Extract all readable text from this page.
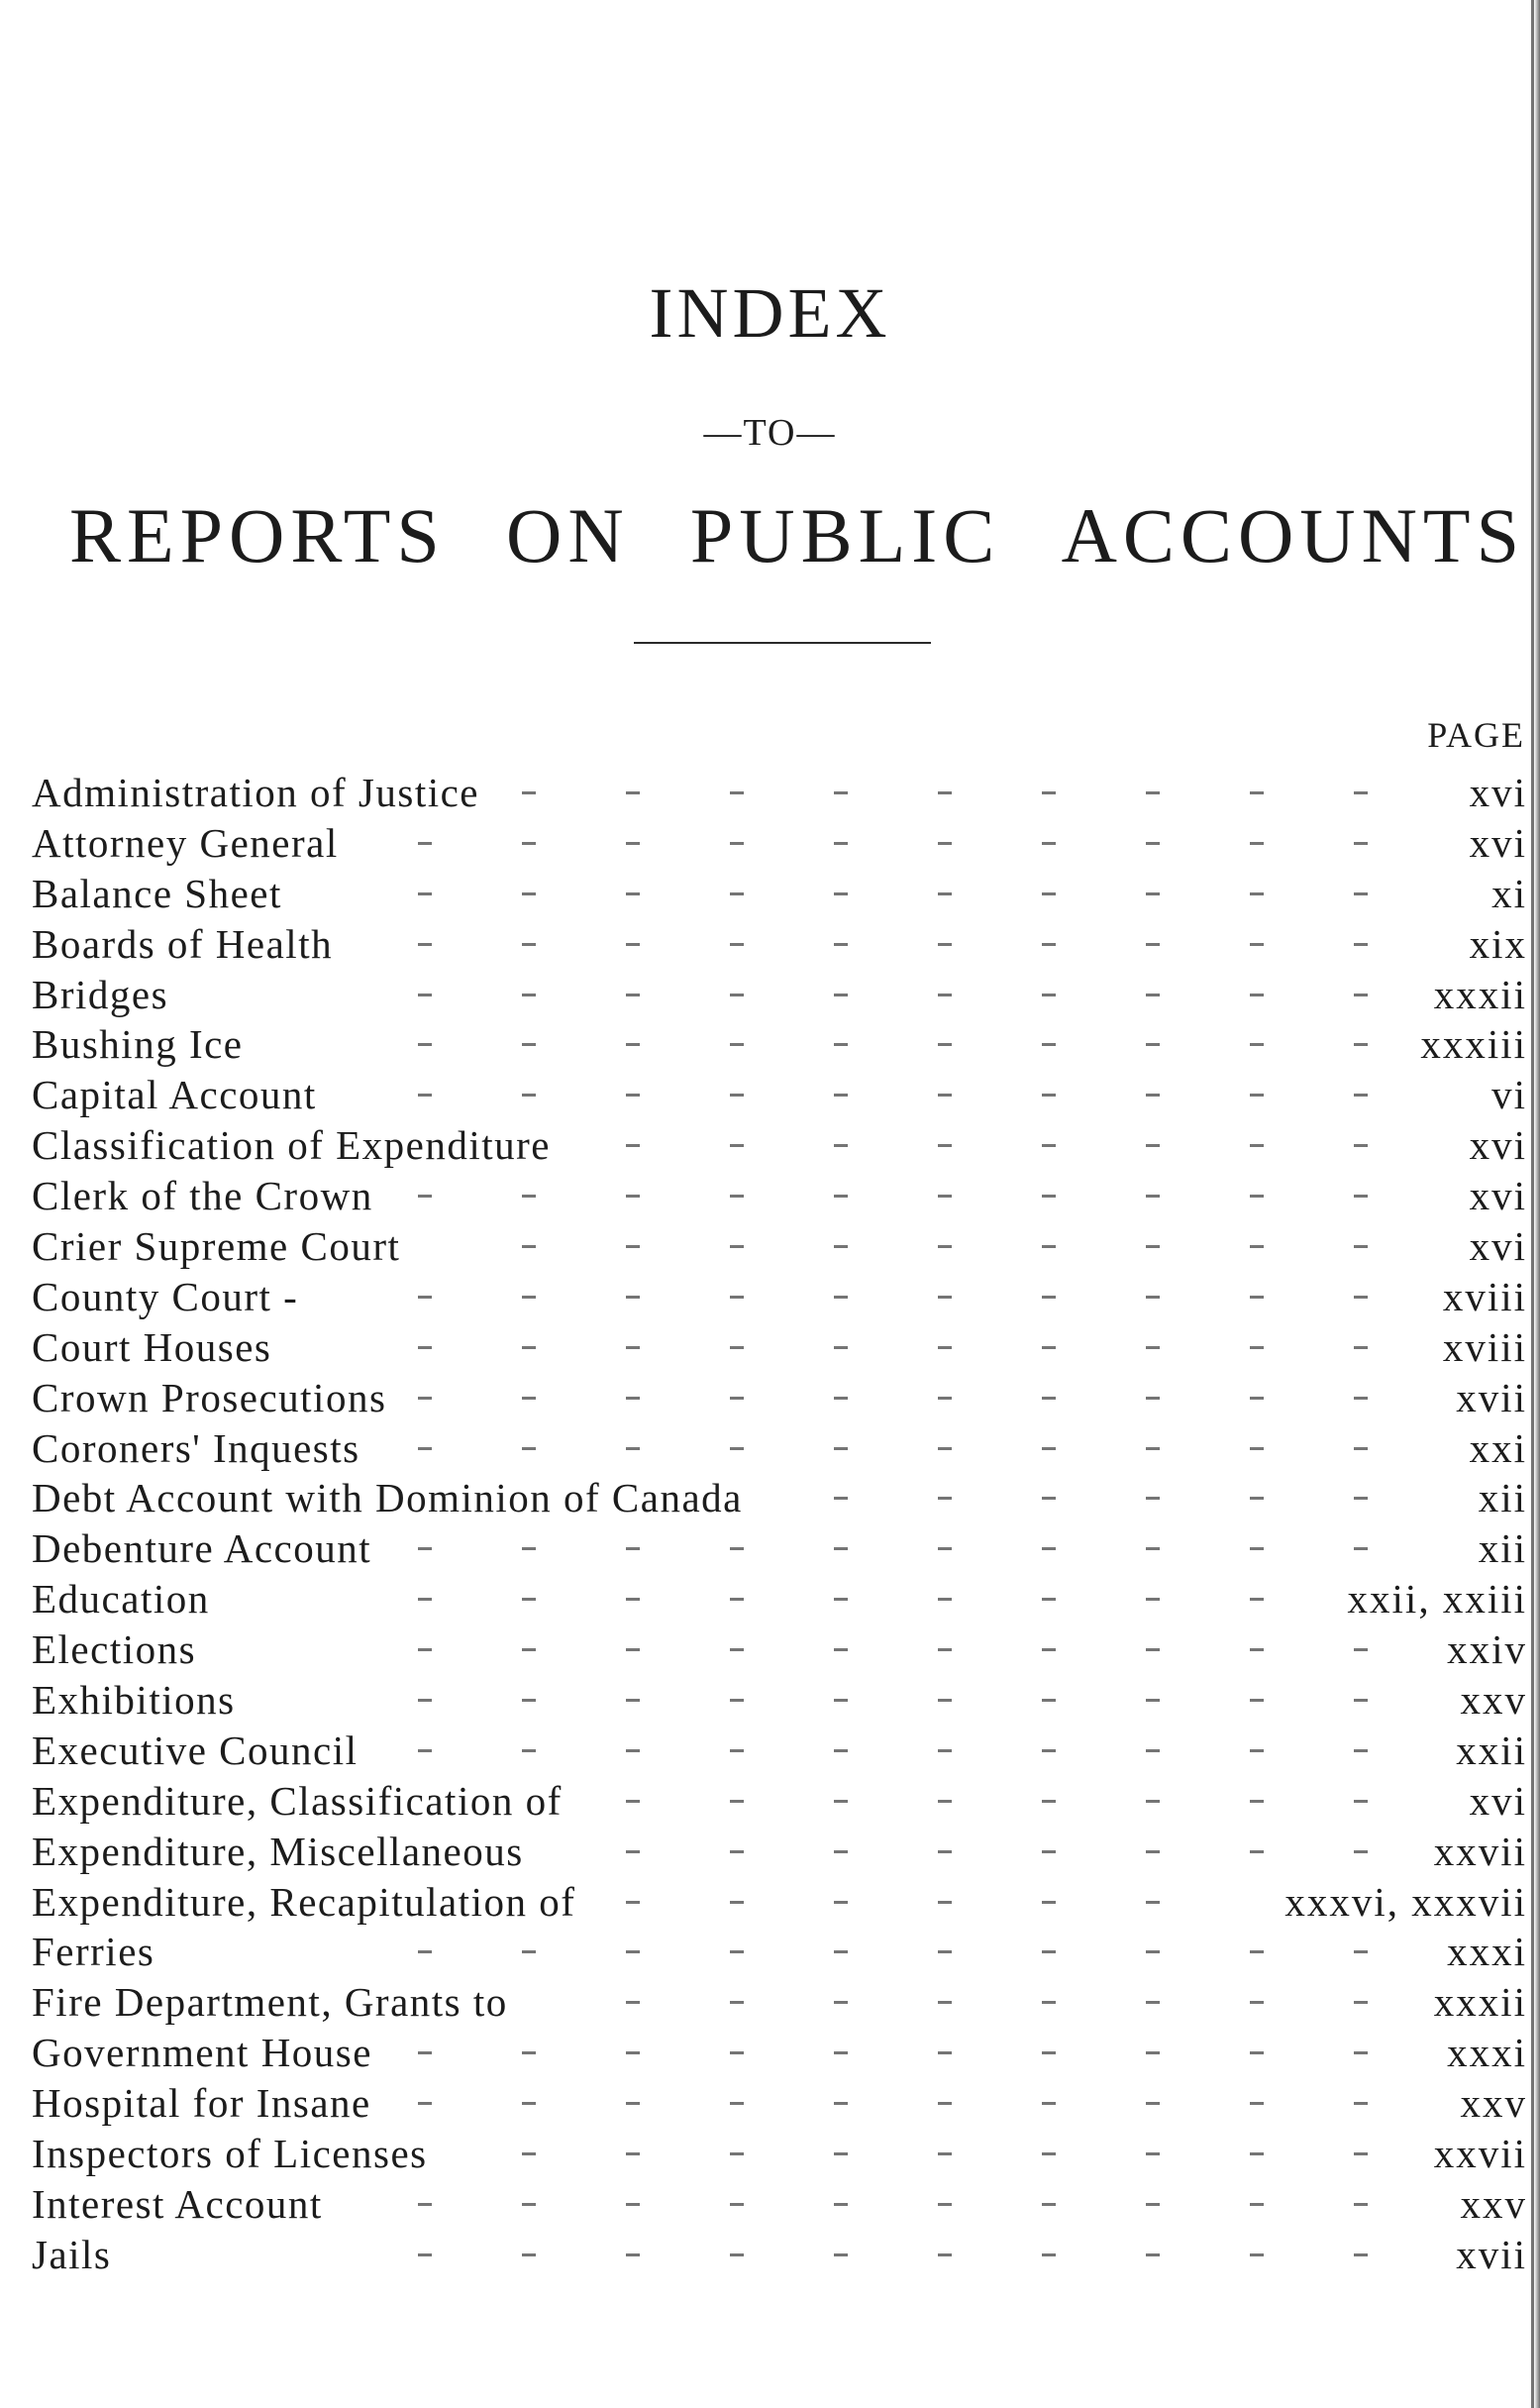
INDEX
—TO—
REPORTS ON PUBLIC ACCOUNTS
PAGE
Administration of Justice	xvi
Attorney General	xvi
Balance Sheet	xi
Boards of Health	xix
Bridges	xxxii
Bushing Ice	xxxiii
Capital Account	vi
Classification of Expenditure	xvi
Clerk of the Crown	xvi
Crier Supreme Court	xvi
County Court -	xviii
Court Houses	xviii
Crown Prosecutions	xvii
Coroners' Inquests	xxi
Debt Account with Dominion of Canada	xii
Debenture Account	xii
Education	xxii, xxiii
Elections	xxiv
Exhibitions	xxv
Executive Council	xxii
Expenditure, Classification of	xvi
Expenditure, Miscellaneous	xxvii
Expenditure, Recapitulation of	xxxvi, xxxvii
Ferries	xxxi
Fire Department, Grants to	xxxii
Government House	xxxi
Hospital for Insane	xxv
Inspectors of Licenses	xxvii
Interest Account	xxv
Jails	xvii
